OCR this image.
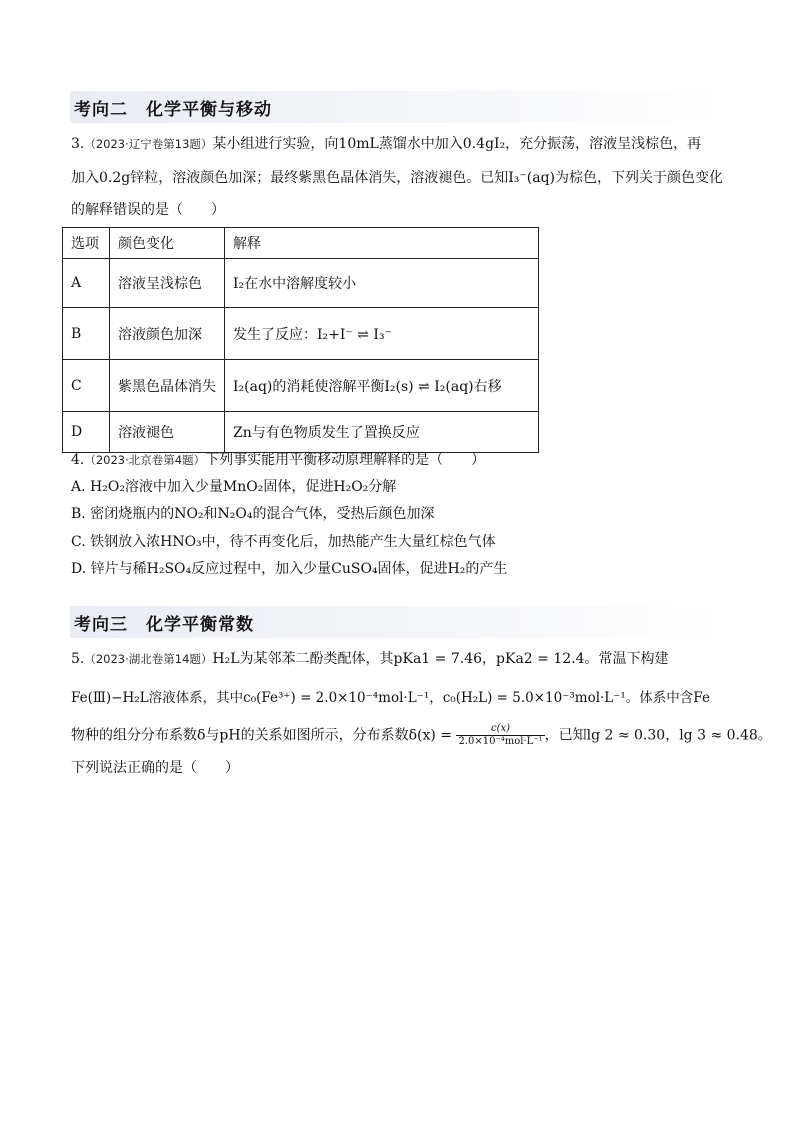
考向二　化学平衡与移动
3.（2023·辽宁卷第13题）某小组进行实验，向10mL蒸馏水中加入0.4gI₂，充分振荡，溶液呈浅棕色，再
加入0.2g锌粒，溶液颜色加深；最终紫黑色晶体消失，溶液褪色。已知I₃⁻(aq)为棕色，下列关于颜色变化
的解释错误的是（　　）
选项	颜色变化	解释
A	溶液呈浅棕色	I₂在水中溶解度较小
B	溶液颜色加深	发生了反应：I₂+I⁻ ⇌ I₃⁻
C	紫黑色晶体消失	I₂(aq)的消耗使溶解平衡I₂(s) ⇌ I₂(aq)右移
D	溶液褪色	Zn与有色物质发生了置换反应
4.（2023·北京卷第4题）下列事实能用平衡移动原理解释的是（　　）
A. H₂O₂溶液中加入少量MnO₂固体，促进H₂O₂分解
B. 密闭烧瓶内的NO₂和N₂O₄的混合气体，受热后颜色加深
C. 铁钢放入浓HNO₃中，待不再变化后，加热能产生大量红棕色气体
D. 锌片与稀H₂SO₄反应过程中，加入少量CuSO₄固体，促进H₂的产生
考向三　化学平衡常数
5.（2023·湖北卷第14题）H₂L为某邻苯二酚类配体，其pKa1 = 7.46，pKa2 = 12.4。常温下构建
Fe(Ⅲ)−H₂L溶液体系，其中c₀(Fe³⁺) = 2.0×10⁻⁴mol·L⁻¹，c₀(H₂L) = 5.0×10⁻³mol·L⁻¹。体系中含Fe
物种的组分分布系数δ与pH的关系如图所示，分布系数$\delta(x) = \frac{c(x)}{\text{2.0×10⁻⁴mol·L⁻¹}}$ ，已知lg 2 ≈ 0.30，lg 3 ≈ 0.48。
下列说法正确的是（　　）
